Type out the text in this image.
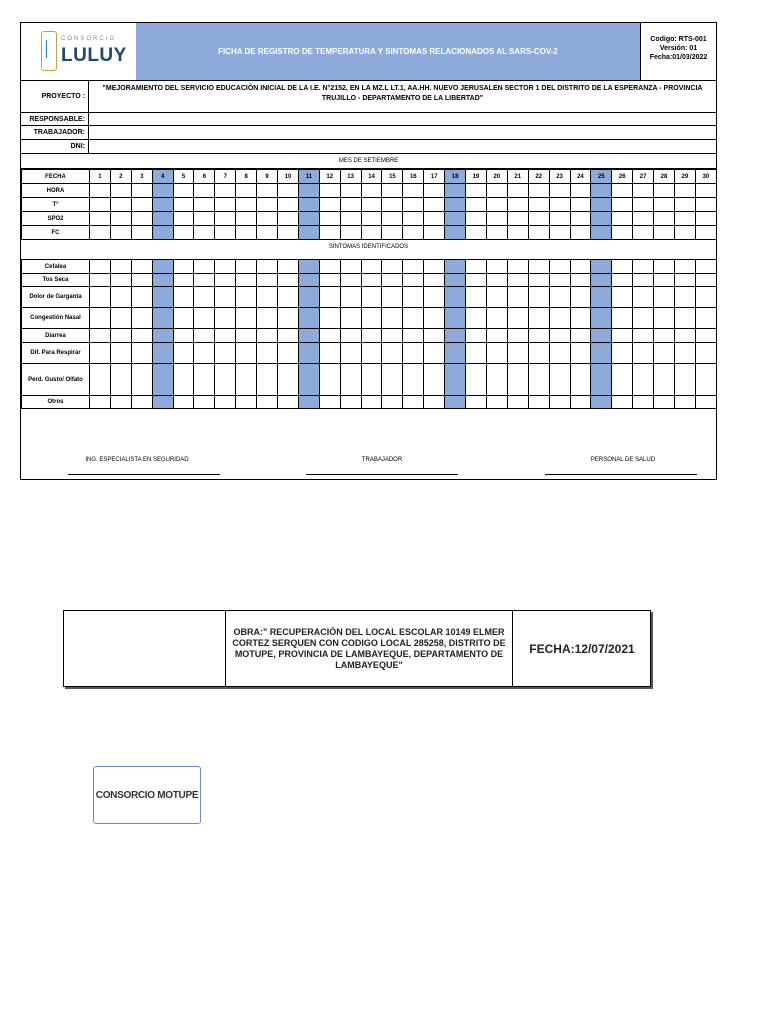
CONSORCIO
LULUY	FICHA DE REGISTRO DE TEMPERATURA Y SINTOMAS RELACIONADOS AL SARS-COV-2
Codigo: RTS-001
Versión: 01
Fecha:01/03/2022
PROYECTO :
"MEJORAMIENTO DEL SERVICIO EDUCACIÓN INICIAL DE LA I.E. N°2152, EN LA MZ.L LT.1, AA.HH. NUEVO JERUSALEN SECTOR 1 DEL DISTRITO DE LA ESPERANZA - PROVINCIA TRUJILLO - DEPARTAMENTO DE LA LIBERTAD"
RESPONSABLE:
TRABAJADOR:
DNI:
MES DE SETIEMBRE
FECHA	1	2	3	4	5	6	7	8	9	10	11	12	13	14	15	16	17	18	19	20	21	22	23	24	25	26	27	28	29	30
HORA																														
T°																														
SPO2																														
FC																														
SINTOMAS IDENTIFICADOS
Cefalea																														
Tos Seca																														
Dolor de Garganta																														
Congestión Nasal																														
Diarrea																														
Dif. Para Respirar																														
Perd. Gusto/ Olfato																														
Otros																														
ING. ESPECIALISTA EN SEGURIDAD	TRABAJADOR	PERSONAL DE SALUD
OBRA:" RECUPERACIÓN DEL LOCAL ESCOLAR 10149 ELMER CORTEZ SERQUEN CON CODIGO LOCAL 285258, DISTRITO DE MOTUPE, PROVINCIA DE LAMBAYEQUE, DEPARTAMENTO DE LAMBAYEQUE"
FECHA:12/07/2021
CONSORCIO MOTUPE
